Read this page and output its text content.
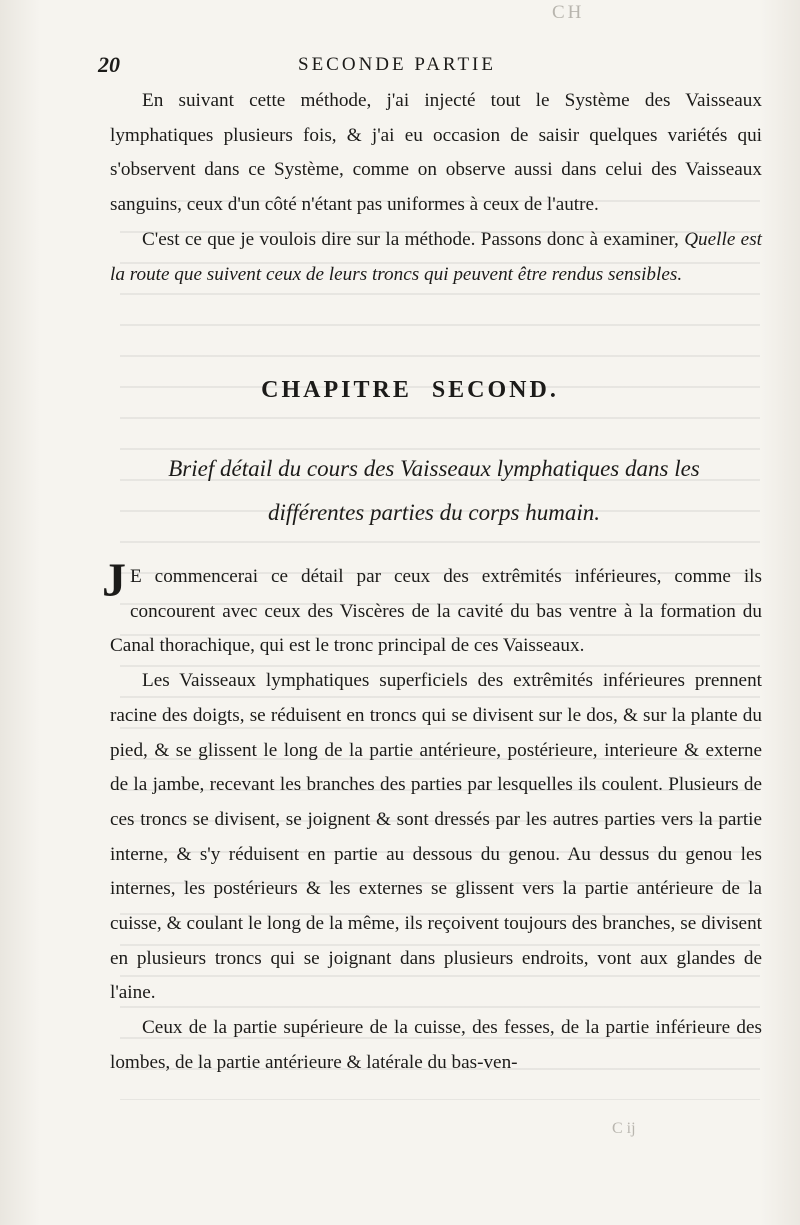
20	SECONDE PARTIE
CH

En suivant cette méthode, j'ai injecté tout le Système des Vaisseaux lymphatiques plusieurs fois, & j'ai eu occasion de saisir quelques variétés qui s'observent dans ce Système, comme on observe aussi dans celui des Vaisseaux sanguins, ceux d'un côté n'étant pas uniformes à ceux de l'autre.

C'est ce que je voulois dire sur la méthode. Passons donc à examiner, Quelle est la route que suivent ceux de leurs troncs qui peuvent être rendus sensibles.

CHAPITRE SECOND.

Brief détail du cours des Vaisseaux lymphatiques dans les différentes parties du corps humain.

J E commencerai ce détail par ceux des extrêmités inférieures, comme ils concourent avec ceux des Viscères de la cavité du bas ventre à la formation du Canal thorachique, qui est le tronc principal de ces Vaisseaux.

Les Vaisseaux lymphatiques superficiels des extrêmités inférieures prennent racine des doigts, se réduisent en troncs qui se divisent sur le dos, & sur la plante du pied, & se glissent le long de la partie antérieure, postérieure, interieure & externe de la jambe, recevant les branches des parties par lesquelles ils coulent. Plusieurs de ces troncs se divisent, se joignent & sont dressés par les autres parties vers la partie interne, & s'y réduisent en partie au dessous du genou. Au dessus du genou les internes, les postérieurs & les externes se glissent vers la partie antérieure de la cuisse, & coulant le long de la même, ils reçoivent toujours des branches, se divisent en plusieurs troncs qui se joignant dans plusieurs endroits, vont aux glandes de l'aine.

Ceux de la partie supérieure de la cuisse, des fesses, de la partie inférieure des lombes, de la partie antérieure & latérale du bas-ven-

C ij
